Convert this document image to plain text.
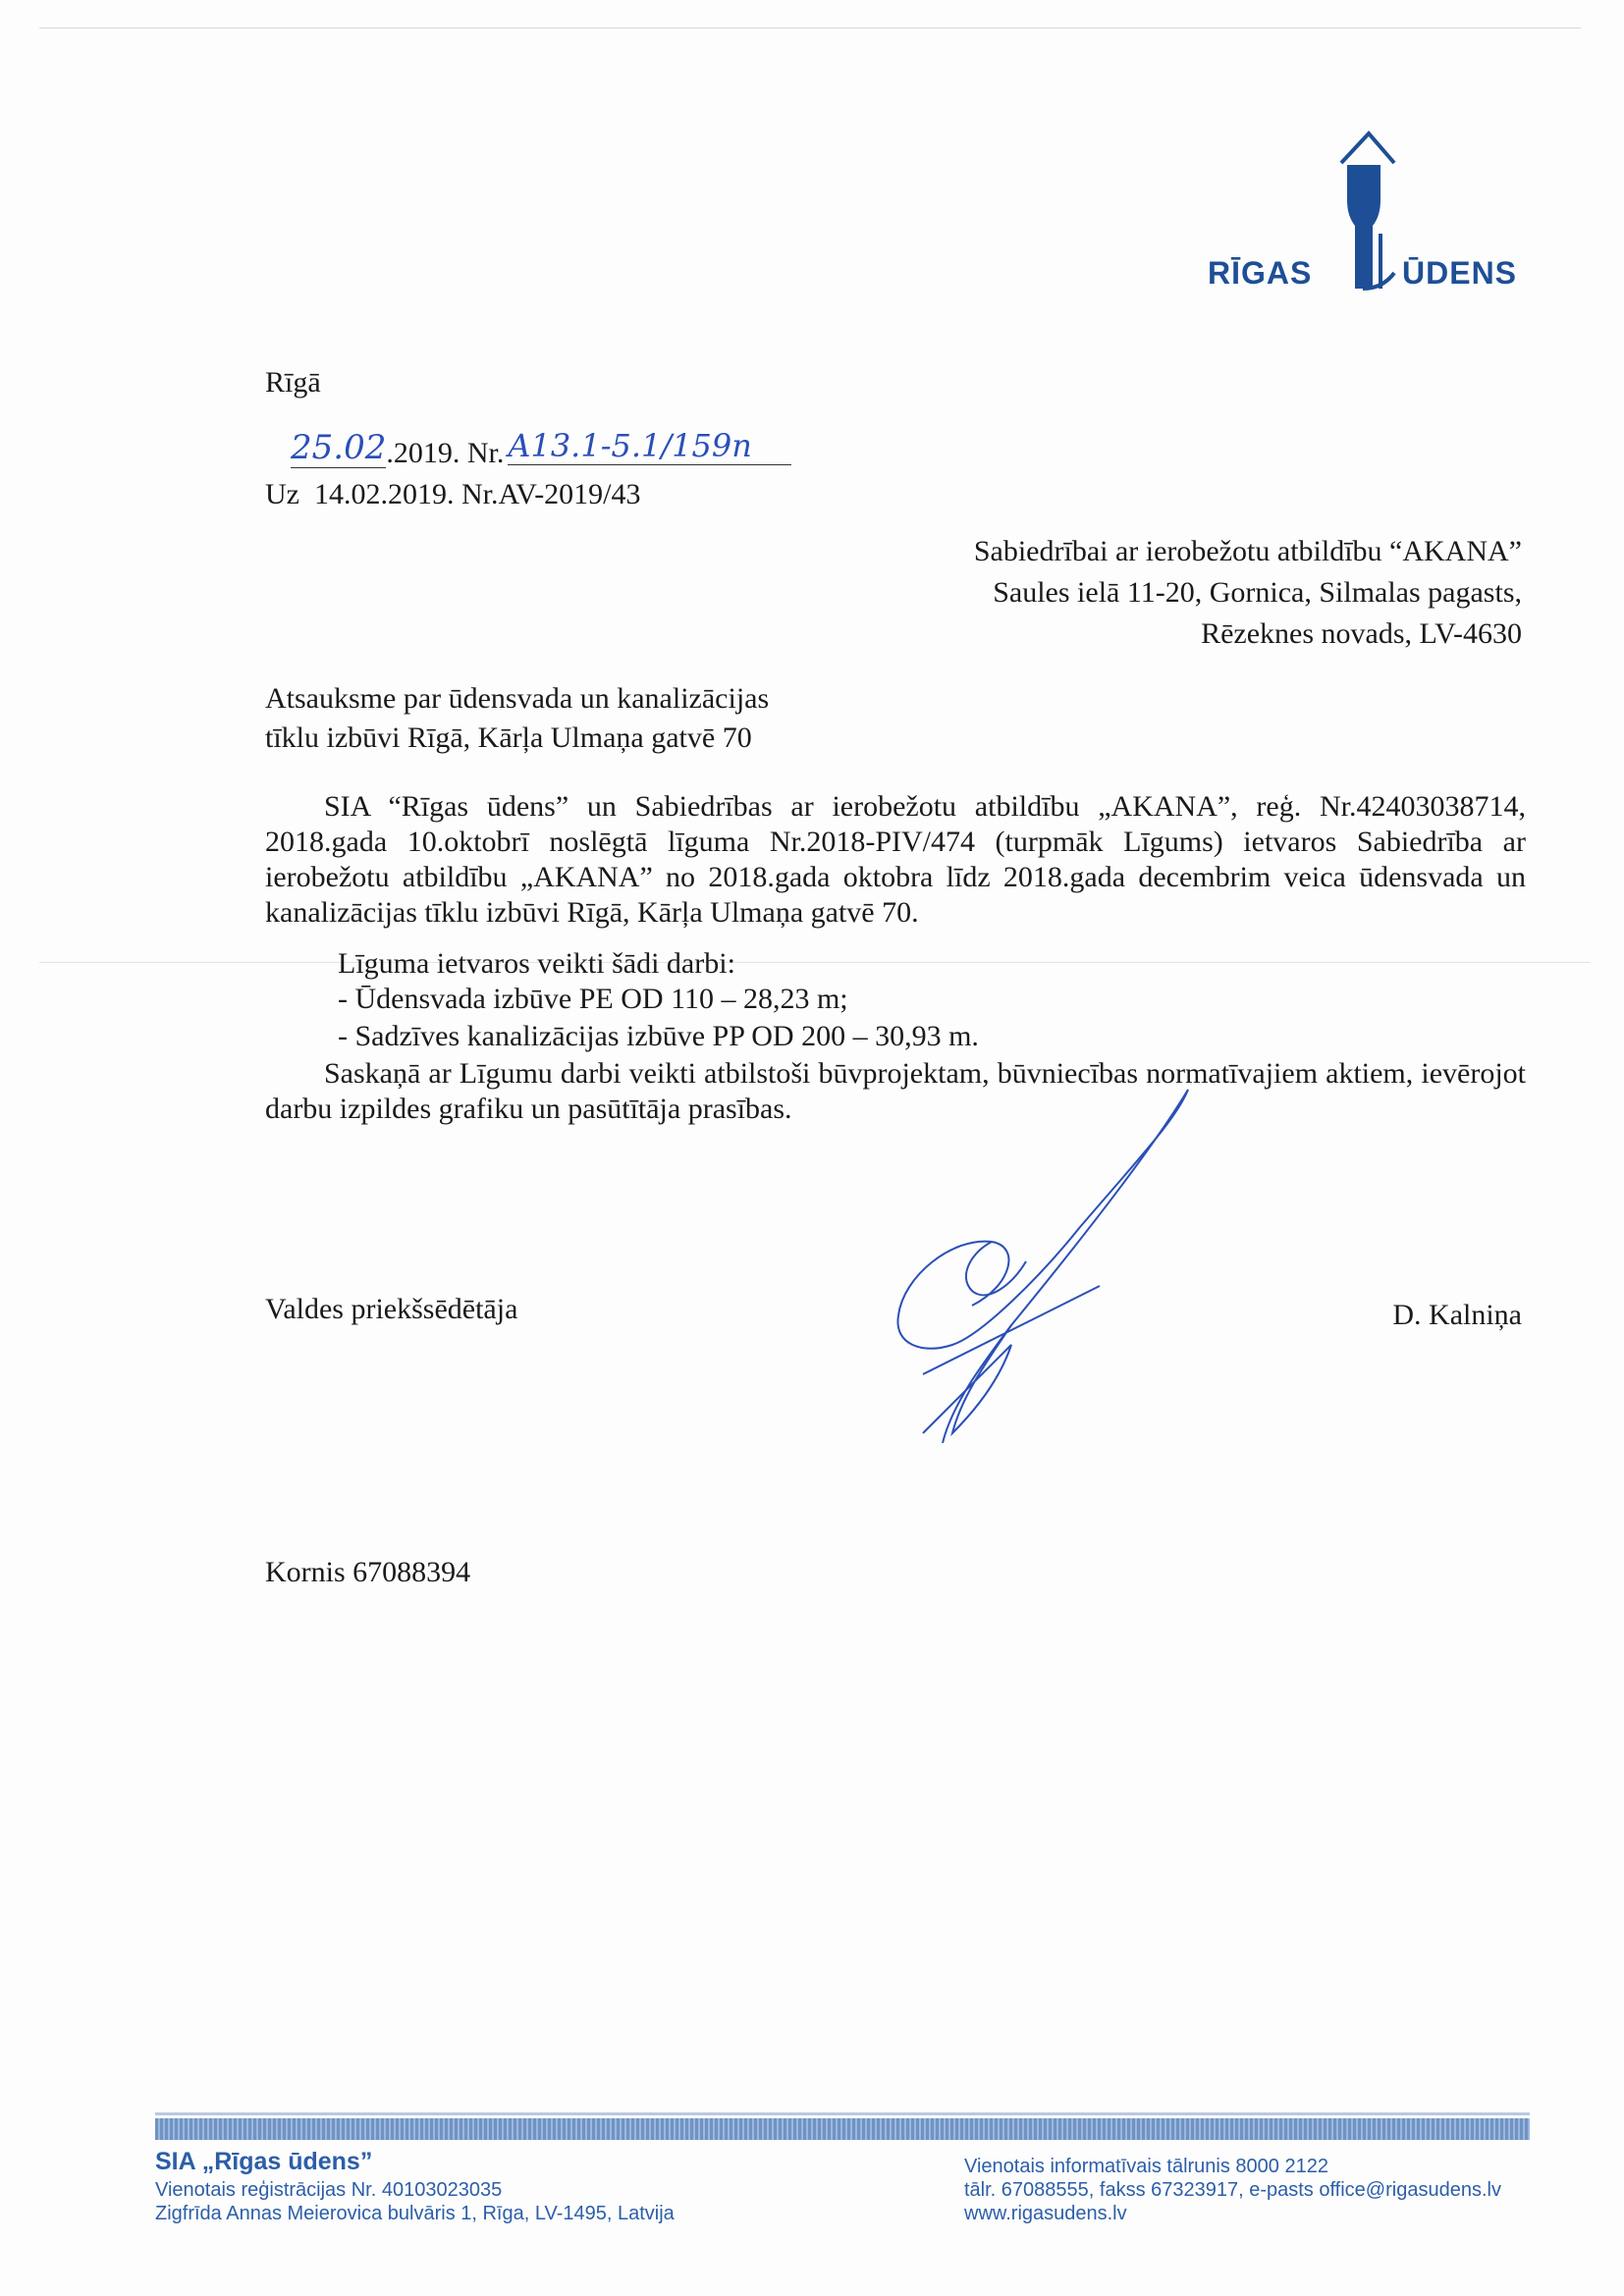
RĪGAS	ŪDENS
Rīgā
25.02.2019. Nr. A13.1-5.1/159n
Uz  14.02.2019. Nr.AV-2019/43
Sabiedrībai ar ierobežotu atbildību “AKANA”
Saules ielā 11-20, Gornica, Silmalas pagasts,
Rēzeknes novads, LV-4630
Atsauksme par ūdensvada un kanalizācijas
tīklu izbūvi Rīgā, Kārļa Ulmaņa gatvē 70
SIA “Rīgas ūdens” un Sabiedrības ar ierobežotu atbildību „AKANA”, reģ. Nr.42403038714, 2018.gada 10.oktobrī noslēgtā līguma Nr.2018-PIV/474 (turpmāk Līgums) ietvaros Sabiedrība ar ierobežotu atbildību „AKANA” no 2018.gada oktobra līdz 2018.gada decembrim veica ūdensvada un kanalizācijas tīklu izbūvi Rīgā, Kārļa Ulmaņa gatvē 70.
Līguma ietvaros veikti šādi darbi:
- Ūdensvada izbūve PE OD 110 – 28,23 m;
- Sadzīves kanalizācijas izbūve PP OD 200 – 30,93 m.
Saskaņā ar Līgumu darbi veikti atbilstoši būvprojektam, būvniecības normatīvajiem aktiem, ievērojot darbu izpildes grafiku un pasūtītāja prasības.
Valdes priekšsēdētāja	D. Kalniņa
Kornis 67088394
SIA „Rīgas ūdens”
Vienotais reģistrācijas Nr. 40103023035
Zigfrīda Annas Meierovica bulvāris 1, Rīga, LV-1495, Latvija
Vienotais informatīvais tālrunis 8000 2122
tālr. 67088555, fakss 67323917, e-pasts office@rigasudens.lv
www.rigasudens.lv
